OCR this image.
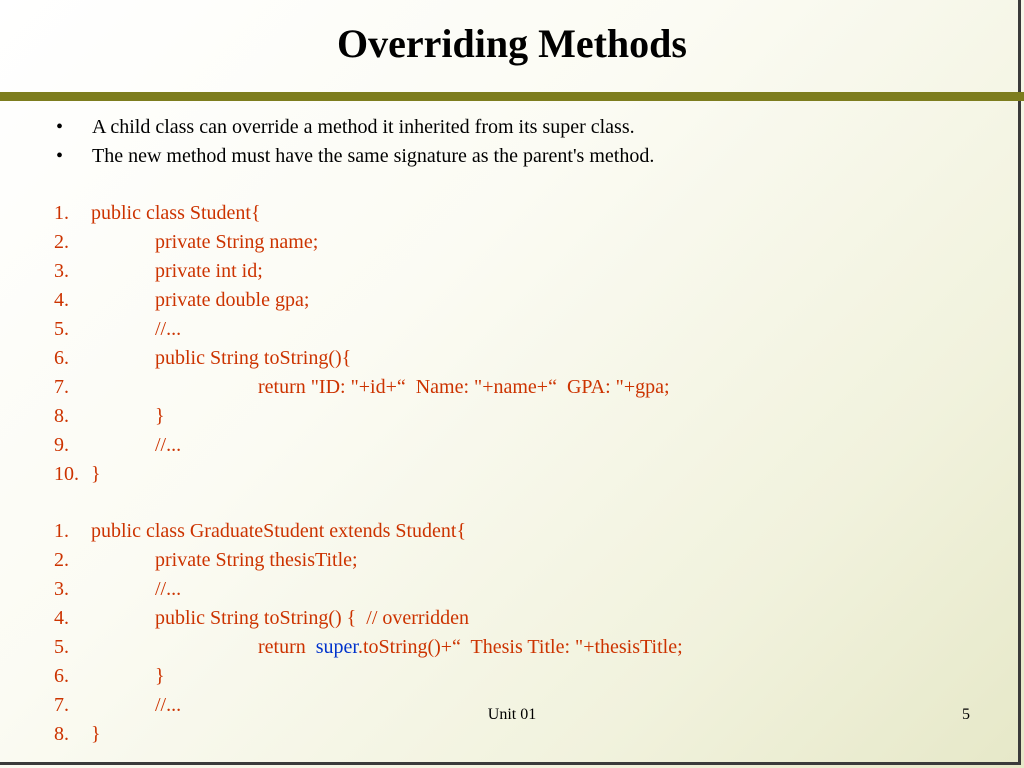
Overriding Methods
•	A child class can override a method it inherited from its super class.
•	The new method must have the same signature as the parent's method.
1.	public class Student{
2.	private String name;
3.	private int id;
4.	private double gpa;
5.	//...
6.	public String toString(){
7.	return "ID: "+id+“  Name: "+name+“  GPA: "+gpa;
8.	}
9.	//...
10. }
1.	public class GraduateStudent extends Student{
2.	private String thesisTitle;
3.	//...
4.	public String toString() {  // overridden
5.	return  super.toString()+“  Thesis Title: "+thesisTitle;
6.	}
7.	//...
8.	}
Unit 01	5
